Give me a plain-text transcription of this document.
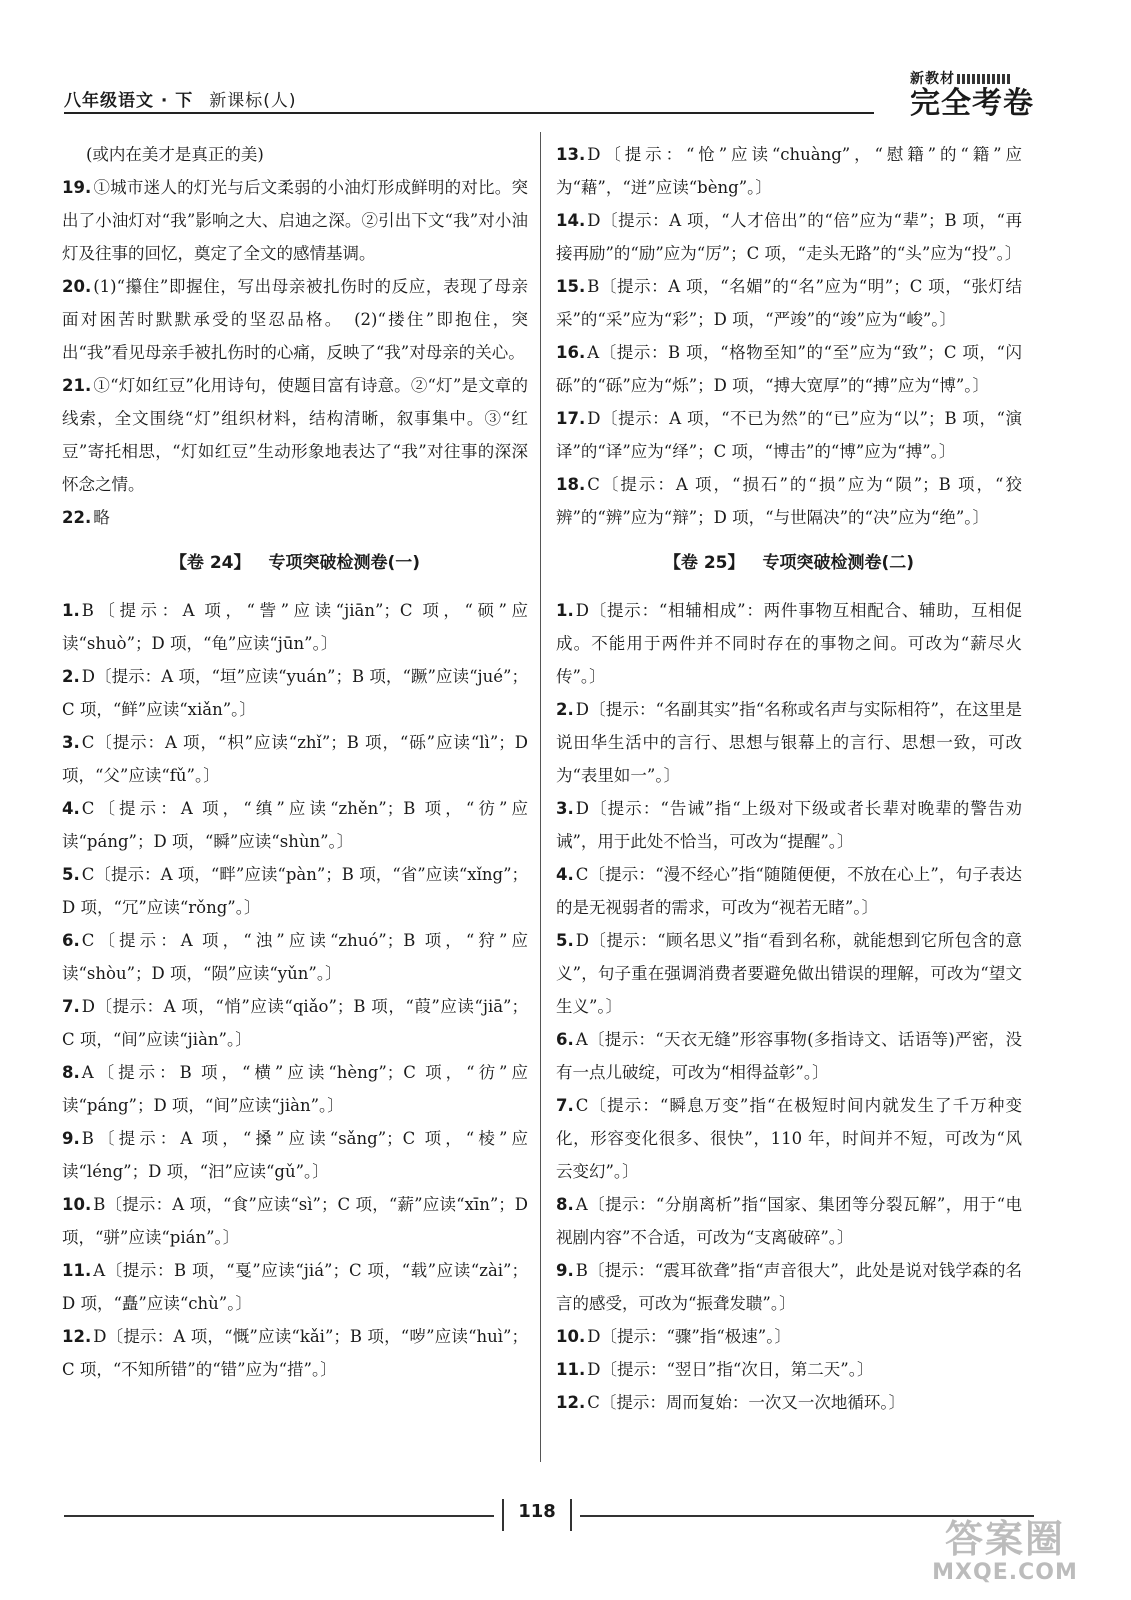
八年级语文 · 下 新课标(人)
新教材
完全考卷

(或内在美才是真正的美)

19. ①城市迷人的灯光与后文柔弱的小油灯形成鲜明的对比。突出了小油灯对“我”影响之大、启迪之深。②引出下文“我”对小油灯及往事的回忆，奠定了全文的感情基调。

20. (1)“攥住”即握住，写出母亲被扎伤时的反应，表现了母亲面对困苦时默默承受的坚忍品格。　(2)“搂住”即抱住，突出“我”看见母亲手被扎伤时的心痛，反映了“我”对母亲的关心。

21. ①“灯如红豆”化用诗句，使题目富有诗意。②“灯”是文章的线索，全文围绕“灯”组织材料，结构清晰，叙事集中。③“红豆”寄托相思，“灯如红豆”生动形象地表达了“我”对往事的深深怀念之情。

22. 略

【卷 24】 专项突破检测卷(一)

1. B〔提示：A 项，“訾”应读“jiān”；C 项，“硕”应读“shuò”；D 项，“龟”应读“jūn”。〕

2. D〔提示：A 项，“垣”应读“yuán”；B 项，“蹶”应读“jué”；C 项，“鲜”应读“xiǎn”。〕

3. C〔提示：A 项，“枳”应读“zhǐ”；B 项，“砾”应读“lì”；D 项，“父”应读“fǔ”。〕

4. C〔提示：A 项，“缜”应读“zhěn”；B 项，“彷”应读“páng”；D 项，“瞬”应读“shùn”。〕

5. C〔提示：A 项，“畔”应读“pàn”；B 项，“省”应读“xǐng”；D 项，“冗”应读“rǒng”。〕

6. C〔提示：A 项，“浊”应读“zhuó”；B 项，“狩”应读“shòu”；D 项，“陨”应读“yǔn”。〕

7. D〔提示：A 项，“悄”应读“qiǎo”；B 项，“葭”应读“jiā”；C 项，“间”应读“jiàn”。〕

8. A〔提示：B 项，“横”应读“hèng”；C 项，“彷”应读“páng”；D 项，“间”应读“jiàn”。〕

9. B〔提示：A 项，“搡”应读“sǎng”；C 项，“棱”应读“léng”；D 项，“汩”应读“gǔ”。〕

10. B〔提示：A 项，“食”应读“sì”；C 项，“薪”应读“xīn”；D 项，“骈”应读“pián”。〕

11. A〔提示：B 项，“戛”应读“jiá”；C 项，“载”应读“zài”；D 项，“矗”应读“chù”。〕

12. D〔提示：A 项，“慨”应读“kǎi”；B 项，“哕”应读“huì”；C 项，“不知所错”的“错”应为“措”。〕

13. D〔提示：“怆”应读“chuàng”，“慰籍”的“籍”应为“藉”，“迸”应读“bèng”。〕

14. D〔提示：A 项，“人才倍出”的“倍”应为“辈”；B 项，“再接再励”的“励”应为“厉”；C 项，“走头无路”的“头”应为“投”。〕

15. B〔提示：A 项，“名媚”的“名”应为“明”；C 项，“张灯结采”的“采”应为“彩”；D 项，“严竣”的“竣”应为“峻”。〕

16. A〔提示：B 项，“格物至知”的“至”应为“致”；C 项，“闪砾”的“砾”应为“烁”；D 项，“搏大宽厚”的“搏”应为“博”。〕

17. D〔提示：A 项，“不已为然”的“已”应为“以”；B 项，“演译”的“译”应为“绎”；C 项，“博击”的“博”应为“搏”。〕

18. C〔提示：A 项，“损石”的“损”应为“陨”；B 项，“狡辨”的“辨”应为“辩”；D 项，“与世隔决”的“决”应为“绝”。〕

【卷 25】 专项突破检测卷(二)

1. D〔提示：“相辅相成”：两件事物互相配合、辅助，互相促成。不能用于两件并不同时存在的事物之间。可改为“薪尽火传”。〕

2. D〔提示：“名副其实”指“名称或名声与实际相符”，在这里是说田华生活中的言行、思想与银幕上的言行、思想一致，可改为“表里如一”。〕

3. D〔提示：“告诫”指“上级对下级或者长辈对晚辈的警告劝诫”，用于此处不恰当，可改为“提醒”。〕

4. C〔提示：“漫不经心”指“随随便便，不放在心上”，句子表达的是无视弱者的需求，可改为“视若无睹”。〕

5. D〔提示：“顾名思义”指“看到名称，就能想到它所包含的意义”，句子重在强调消费者要避免做出错误的理解，可改为“望文生义”。〕

6. A〔提示：“天衣无缝”形容事物(多指诗文、话语等)严密，没有一点儿破绽，可改为“相得益彰”。〕

7. C〔提示：“瞬息万变”指“在极短时间内就发生了千万种变化，形容变化很多、很快”，110 年，时间并不短，可改为“风云变幻”。〕

8. A〔提示：“分崩离析”指“国家、集团等分裂瓦解”，用于“电视剧内容”不合适，可改为“支离破碎”。〕

9. B〔提示：“震耳欲聋”指“声音很大”，此处是说对钱学森的名言的感受，可改为“振聋发聩”。〕

10. D〔提示：“骤”指“极速”。〕

11. D〔提示：“翌日”指“次日，第二天”。〕

12. C〔提示：周而复始：一次又一次地循环。〕

118
答案圈
MXQE.COM
